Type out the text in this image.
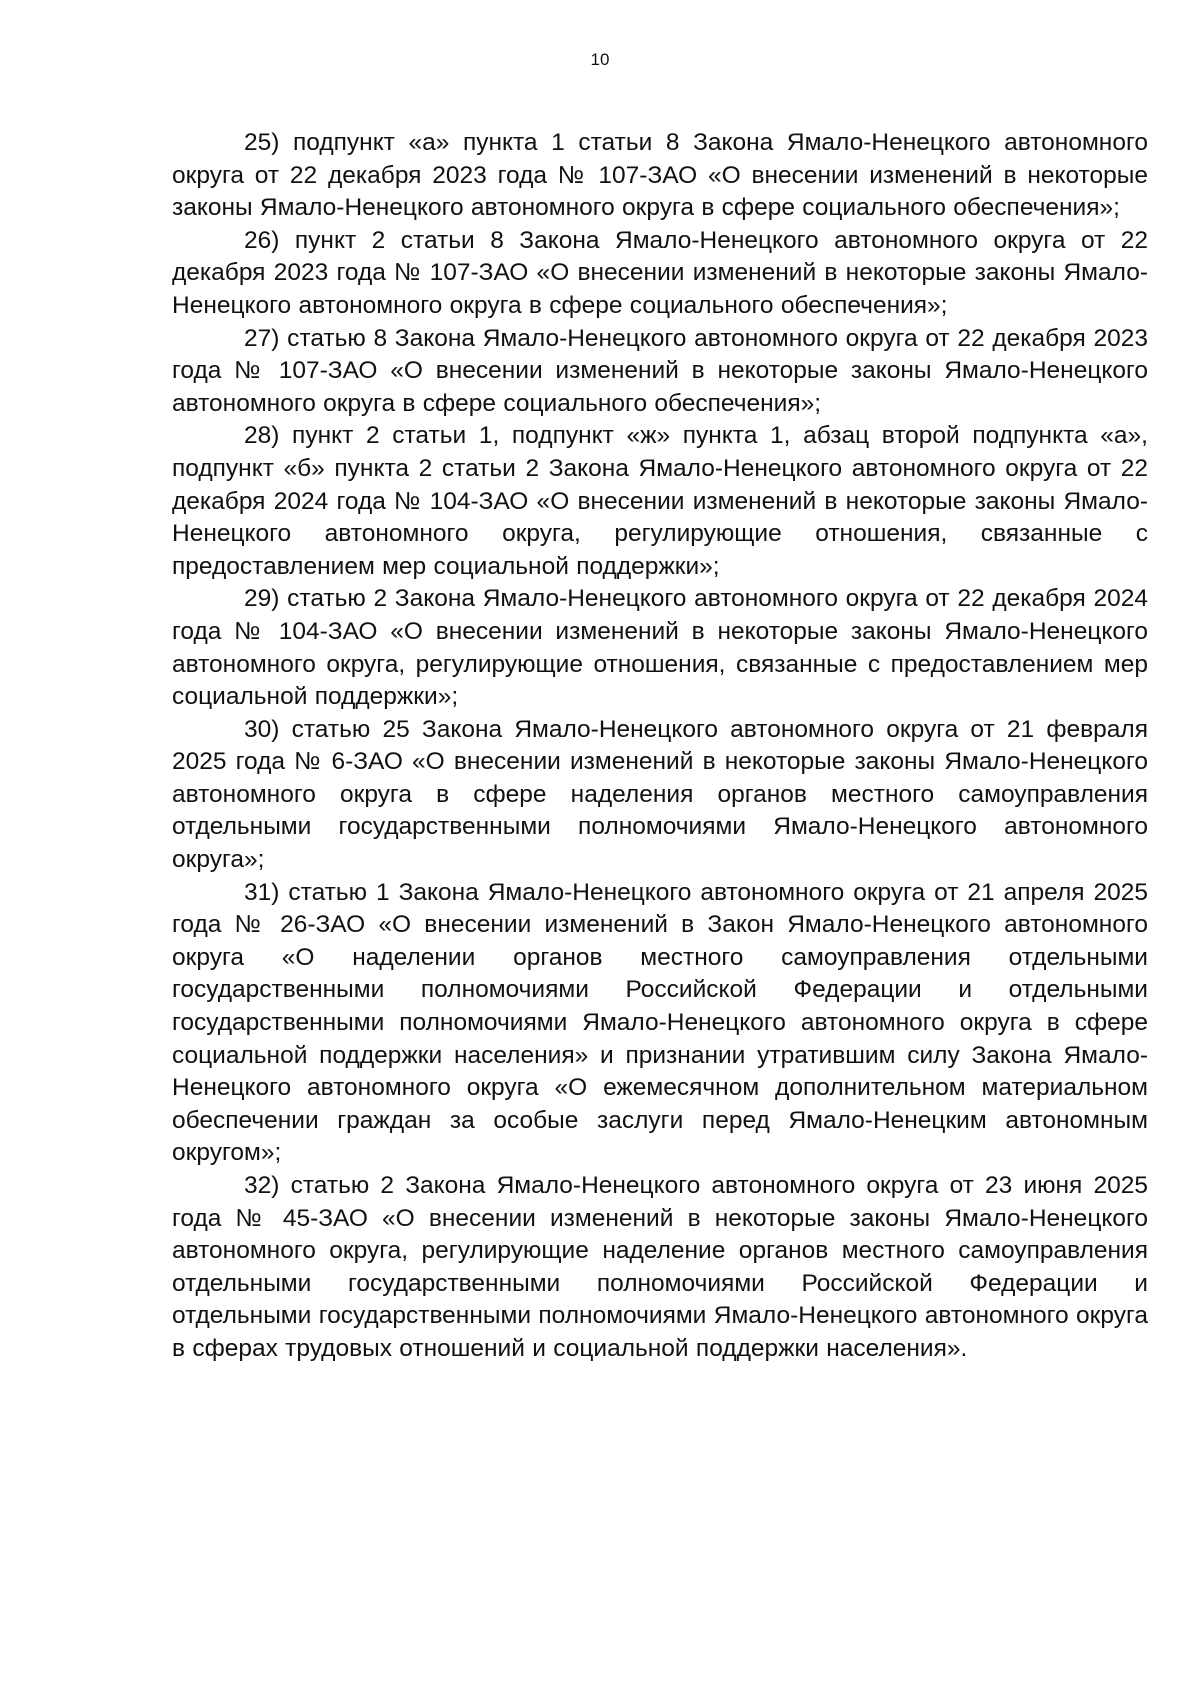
10

25) подпункт «а» пункта 1 статьи 8 Закона Ямало-Ненецкого автономного округа от 22 декабря 2023 года № 107-ЗАО «О внесении изменений в некоторые законы Ямало-Ненецкого автономного округа в сфере социального обеспечения»;

26) пункт 2 статьи 8 Закона Ямало-Ненецкого автономного округа от 22 декабря 2023 года № 107-ЗАО «О внесении изменений в некоторые законы Ямало-Ненецкого автономного округа в сфере социального обеспечения»;

27) статью 8 Закона Ямало-Ненецкого автономного округа от 22 декабря 2023 года № 107-ЗАО «О внесении изменений в некоторые законы Ямало-Ненецкого автономного округа в сфере социального обеспечения»;

28) пункт 2 статьи 1, подпункт «ж» пункта 1, абзац второй подпункта «а», подпункт «б» пункта 2 статьи 2 Закона Ямало-Ненецкого автономного округа от 22 декабря 2024 года № 104-ЗАО «О внесении изменений в некоторые законы Ямало-Ненецкого автономного округа, регулирующие отношения, связанные с предоставлением мер социальной поддержки»;

29) статью 2 Закона Ямало-Ненецкого автономного округа от 22 декабря 2024 года № 104-ЗАО «О внесении изменений в некоторые законы Ямало-Ненецкого автономного округа, регулирующие отношения, связанные с предоставлением мер социальной поддержки»;

30) статью 25 Закона Ямало-Ненецкого автономного округа от 21 февраля 2025 года № 6-ЗАО «О внесении изменений в некоторые законы Ямало-Ненецкого автономного округа в сфере наделения органов местного самоуправления отдельными государственными полномочиями Ямало-Ненецкого автономного округа»;

31) статью 1 Закона Ямало-Ненецкого автономного округа от 21 апреля 2025 года № 26-ЗАО «О внесении изменений в Закон Ямало-Ненецкого автономного округа «О наделении органов местного самоуправления отдельными государственными полномочиями Российской Федерации и отдельными государственными полномочиями Ямало-Ненецкого автономного округа в сфере социальной поддержки населения» и признании утратившим силу Закона Ямало-Ненецкого автономного округа «О ежемесячном дополнительном материальном обеспечении граждан за особые заслуги перед Ямало-Ненецким автономным округом»;

32) статью 2 Закона Ямало-Ненецкого автономного округа от 23 июня 2025 года № 45-ЗАО «О внесении изменений в некоторые законы Ямало-Ненецкого автономного округа, регулирующие наделение органов местного самоуправления отдельными государственными полномочиями Российской Федерации и отдельными государственными полномочиями Ямало-Ненецкого автономного округа в сферах трудовых отношений и социальной поддержки населения».
